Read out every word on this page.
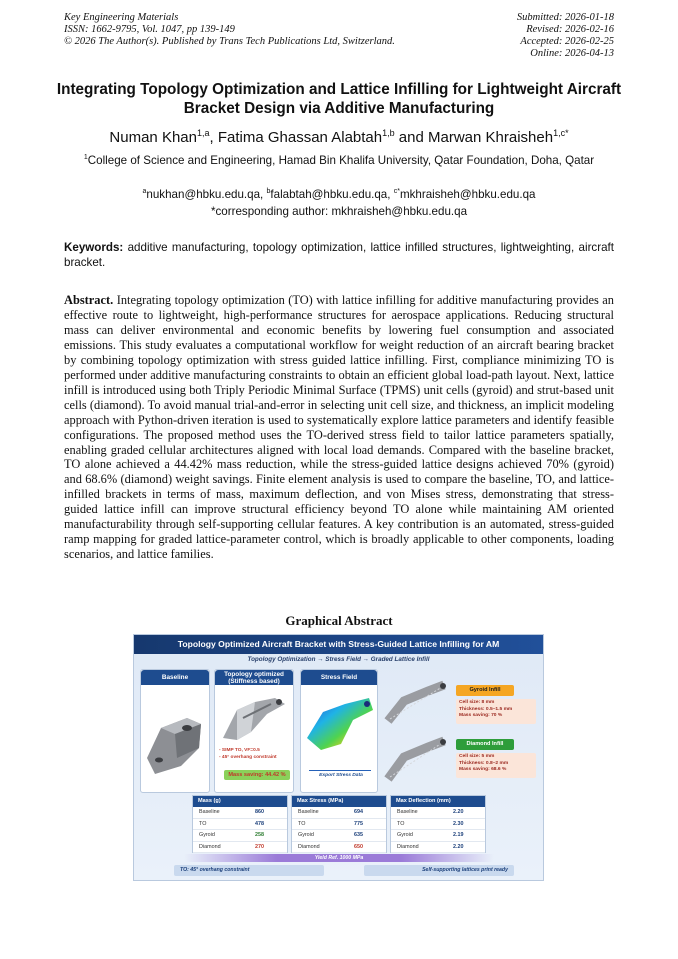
Key Engineering Materials
ISSN: 1662-9795, Vol. 1047, pp 139-149
© 2026 The Author(s). Published by Trans Tech Publications Ltd, Switzerland.
Submitted: 2026-01-18
Revised: 2026-02-16
Accepted: 2026-02-25
Online: 2026-04-13
Integrating Topology Optimization and Lattice Infilling for Lightweight Aircraft Bracket Design via Additive Manufacturing
Numan Khan$^{1,a}$, Fatima Ghassan Alabtah$^{1,b}$ and Marwan Khraisheh$^{1,c*}$
$^1$College of Science and Engineering, Hamad Bin Khalifa University, Qatar Foundation, Doha, Qatar
$^a$nukhan@hbku.edu.qa, $^b$falabtah@hbku.edu.qa, $^{c*}$mkhraisheh@hbku.edu.qa
*corresponding author: mkhraisheh@hbku.edu.qa
Keywords: additive manufacturing, topology optimization, lattice infilled structures, lightweighting, aircraft bracket.
Abstract. Integrating topology optimization (TO) with lattice infilling for additive manufacturing provides an effective route to lightweight, high-performance structures for aerospace applications. Reducing structural mass can deliver environmental and economic benefits by lowering fuel consumption and associated emissions. This study evaluates a computational workflow for weight reduction of an aircraft bearing bracket by combining topology optimization with stress guided lattice infilling. First, compliance minimizing TO is performed under additive manufacturing constraints to obtain an efficient global load-path layout. Next, lattice infill is introduced using both Triply Periodic Minimal Surface (TPMS) unit cells (gyroid) and strut-based unit cells (diamond). To avoid manual trial-and-error in selecting unit cell size, and thickness, an implicit modeling approach with Python-driven iteration is used to systematically explore lattice parameters and identify feasible configurations. The proposed method uses the TO-derived stress field to tailor lattice parameters spatially, enabling graded cellular architectures aligned with local load demands. Compared with the baseline bracket, TO alone achieved a 44.42% mass reduction, while the stress-guided lattice designs achieved 70% (gyroid) and 68.6% (diamond) weight savings. Finite element analysis is used to compare the baseline, TO, and lattice-infilled brackets in terms of mass, maximum deflection, and von Mises stress, demonstrating that stress-guided lattice infill can improve structural efficiency beyond TO alone while maintaining AM oriented manufacturability through self-supporting cellular features. A key contribution is an automated, stress-guided ramp mapping for graded lattice-parameter control, which is broadly applicable to other components, loading scenarios, and lattice families.
Graphical Abstract
Topology Optimized Aircraft Bracket with Stress-Guided Lattice Infilling for AM
Topology Optimization → Stress Field → Graded Lattice Infill
Baseline	Topology optimized (Stiffness based)
- SIMP TO, VF=0.5
- 45° overhang constraint
Mass saving: 44.42 %
Stress Field
Export Stress Data
Gyroid Infill
Cell size: 8 mm
Thickness: 0.5–1.5 mm
Mass saving: 70 %
Diamond Infill
Cell size: 5 mm
Thickness: 0.8–2 mm
Mass saving: 68.6 %
Mass (g)
Baseline	860
TO	478
Gyroid	258
Diamond	270
Max Stress (MPa)
Baseline	694
TO	775
Gyroid	635
Diamond	650
Max Deflection (mm)
Baseline	2.20
TO	2.30
Gyroid	2.19
Diamond	2.20
Yield Ref. 1000 MPa
TO: 45° overhang constraint	Self-supporting lattices print ready
